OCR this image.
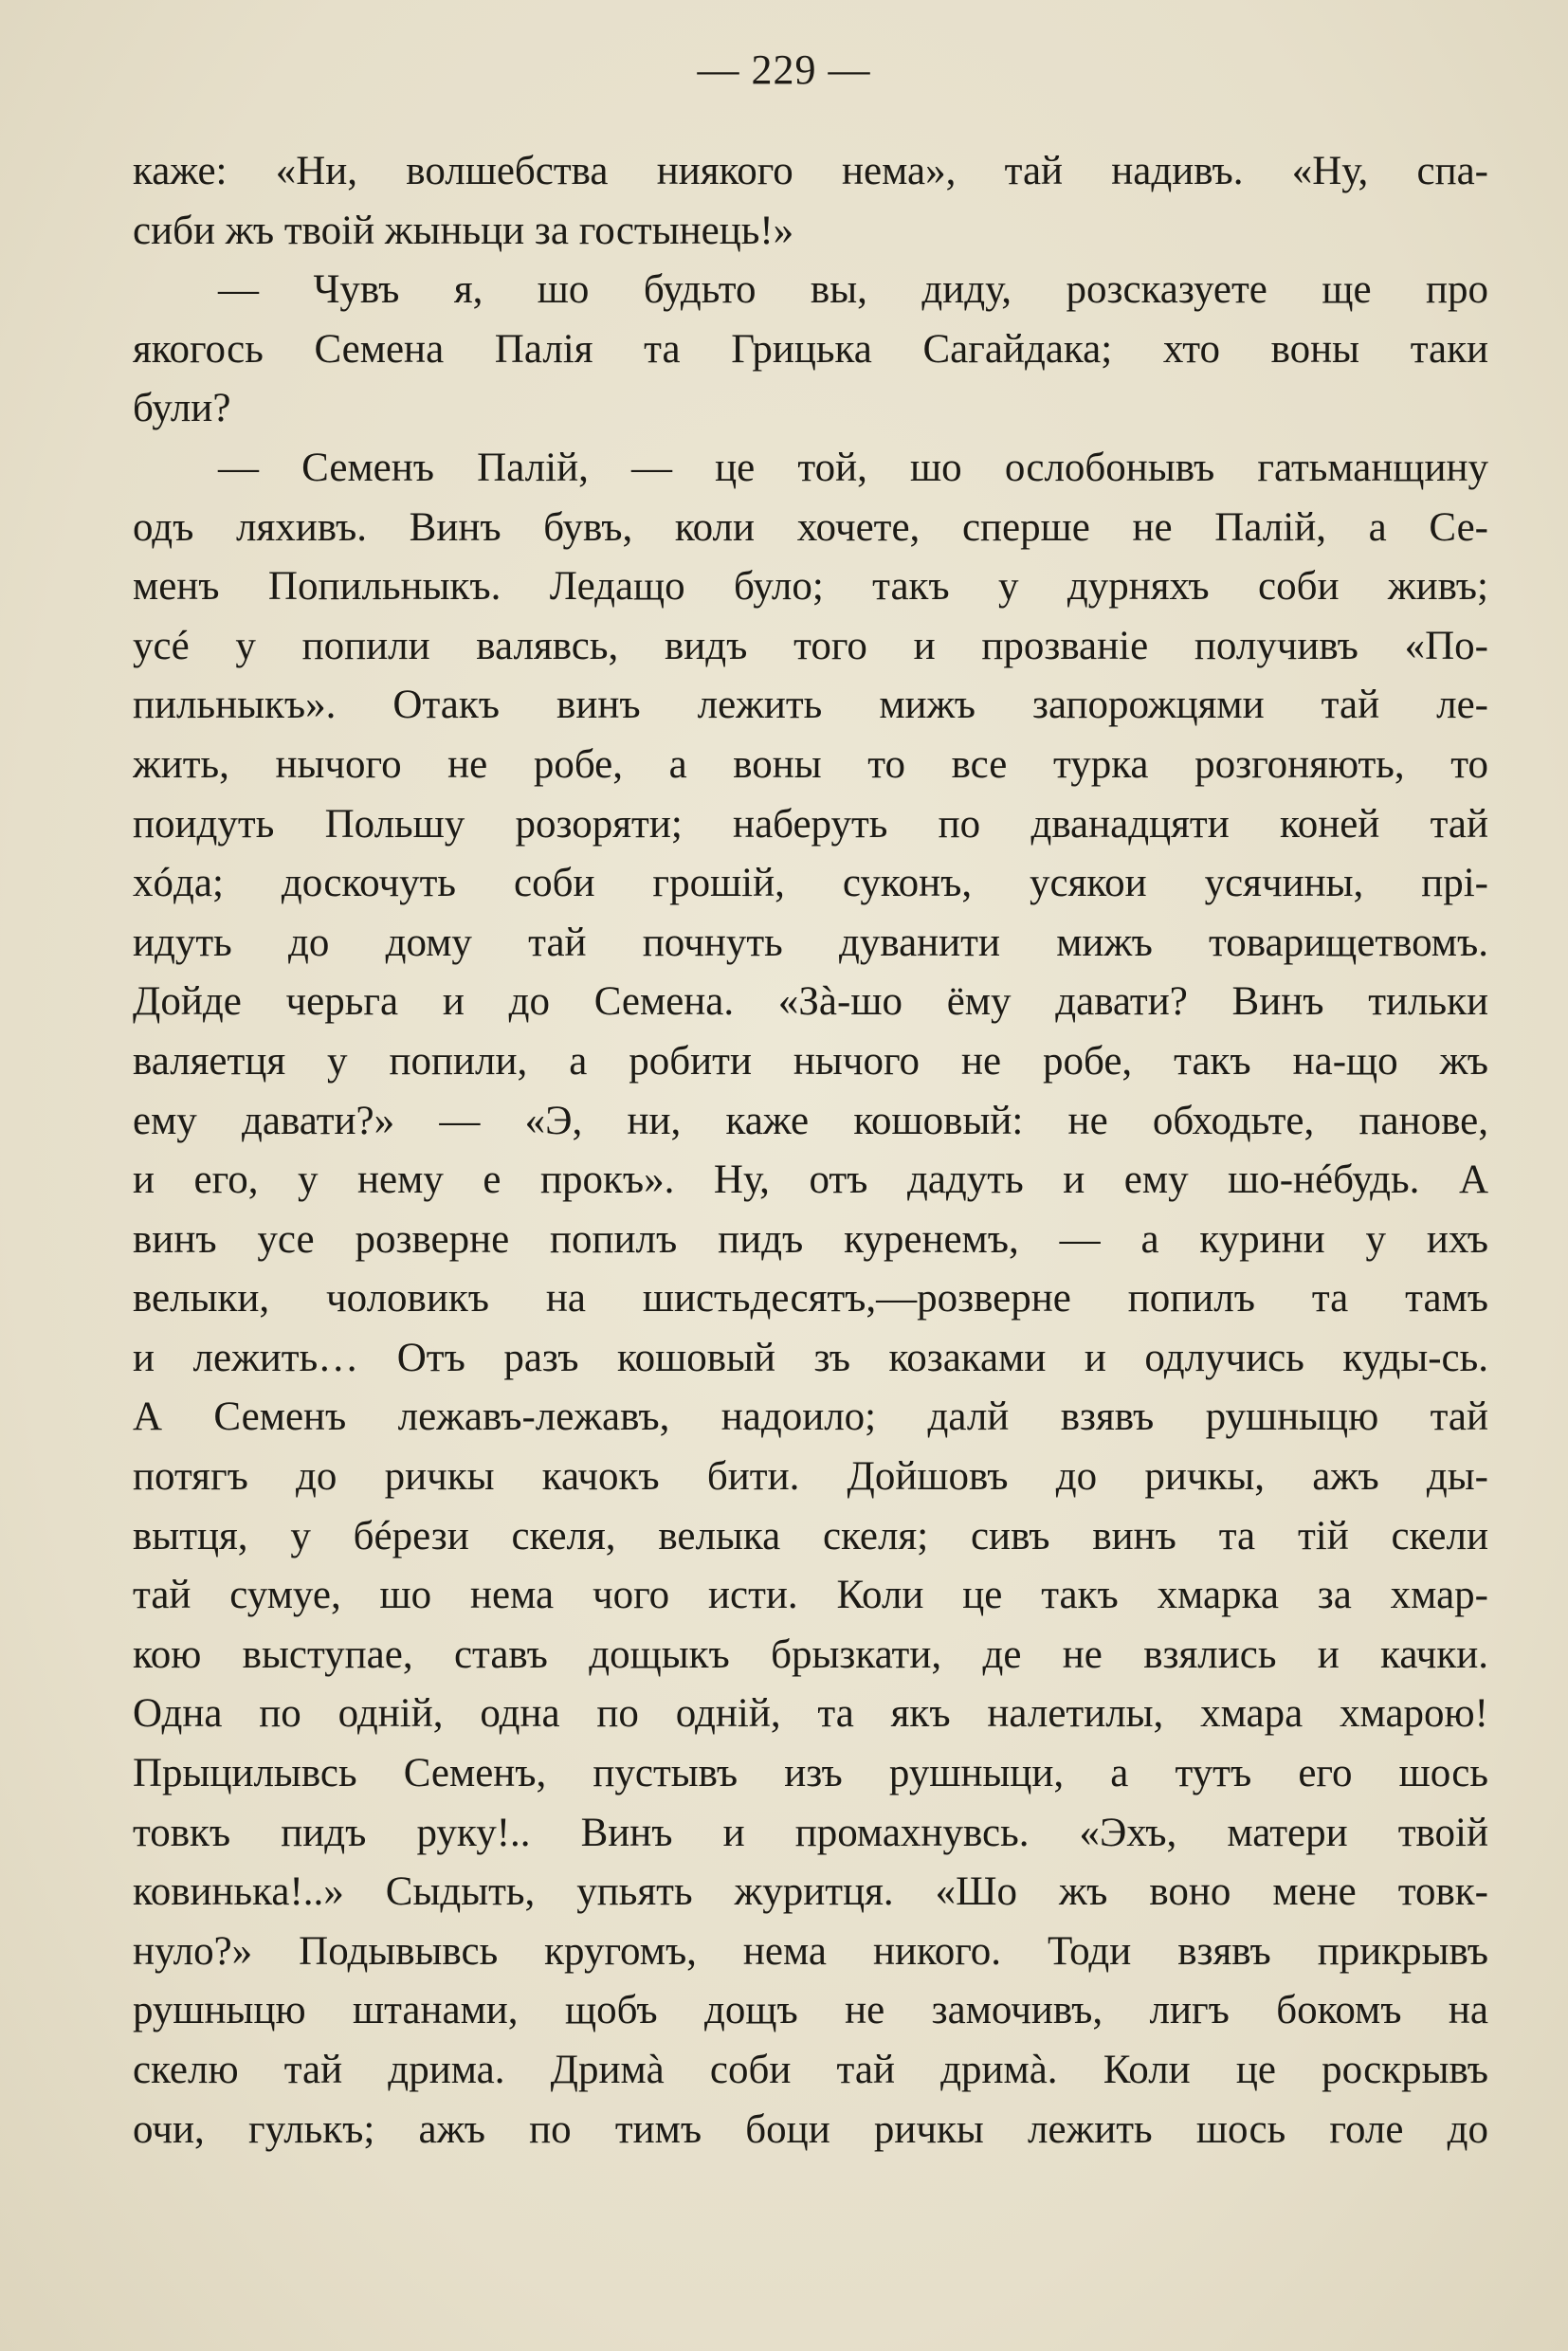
— 229 —
каже: «Ни, волшебства ниякого нема», тай надивъ. «Ну, спа-
сиби жъ твоій жыньци за гостынець!»
— Чувъ я, шо будьто вы, диду, розсказуете ще про
якогось Семена Палія та Грицька Сагайдака; хто воны таки
були?
— Семенъ Палій, — це той, шо ослобонывъ гатьманщину
одъ ляхивъ. Винъ бувъ, коли хочете, сперше не Палій, а Се-
менъ Попильныкъ. Ледащо було; такъ у дурняхъ соби живъ;
усé у попили валявсь, видъ того и прозваніе получивъ «По-
пильныкъ». Отакъ винъ лежить мижъ запорожцями тай ле-
жить, нычого не робе, а воны то все турка розгоняють, то
поидуть Польшу розоряти; наберуть по дванадцяти коней тай
хóда; доскочуть соби грошій, суконъ, усякои усячины, прі-
идуть до дому тай почнуть дуванити мижъ товарищетвомъ.
Дойде черьга и до Семена. «Зà-шо ёму давати? Винъ тильки
валяетця у попили, а робити нычого не робе, такъ на-що жъ
ему давати?» — «Э, ни, каже кошовый: не обходьте, панове,
и его, у нему е прокъ». Ну, отъ дадуть и ему шо-нéбудь. А
винъ усе розверне попилъ пидъ куренемъ, — а курини у ихъ
велыки, чоловикъ на шистьдесятъ,—розверне попилъ та тамъ
и лежить… Отъ разъ кошовый зъ козаками и одлучись куды-сь.
А Семенъ лежавъ-лежавъ, надоило; далй взявъ рушныцю тай
потягъ до ричкы качокъ бити. Дойшовъ до ричкы, ажъ ды-
вытця, у бéрези скеля, велыка скеля; сивъ винъ та тій скели
тай сумуе, шо нема чого исти. Коли це такъ хмарка за хмар-
кою выступае, ставъ дощыкъ брызкати, де не взялись и качки.
Одна по одній, одна по одній, та якъ налетилы, хмара хмарою!
Прыцилывсь Семенъ, пустывъ изъ рушныци, а тутъ его шось
товкъ пидъ руку!.. Винъ и промахнувсь. «Эхъ, матери твоій
ковинька!..» Сыдыть, упьять журитця. «Шо жъ воно мене товк-
нуло?» Подывывсь кругомъ, нема никого. Тоди взявъ прикрывъ
рушныцю штанами, щобъ дощъ не замочивъ, лигъ бокомъ на
скелю тай дрима. Дримà соби тай дримà. Коли це роскрывъ
очи, гулькъ; ажъ по тимъ боци ричкы лежить шось голе до
